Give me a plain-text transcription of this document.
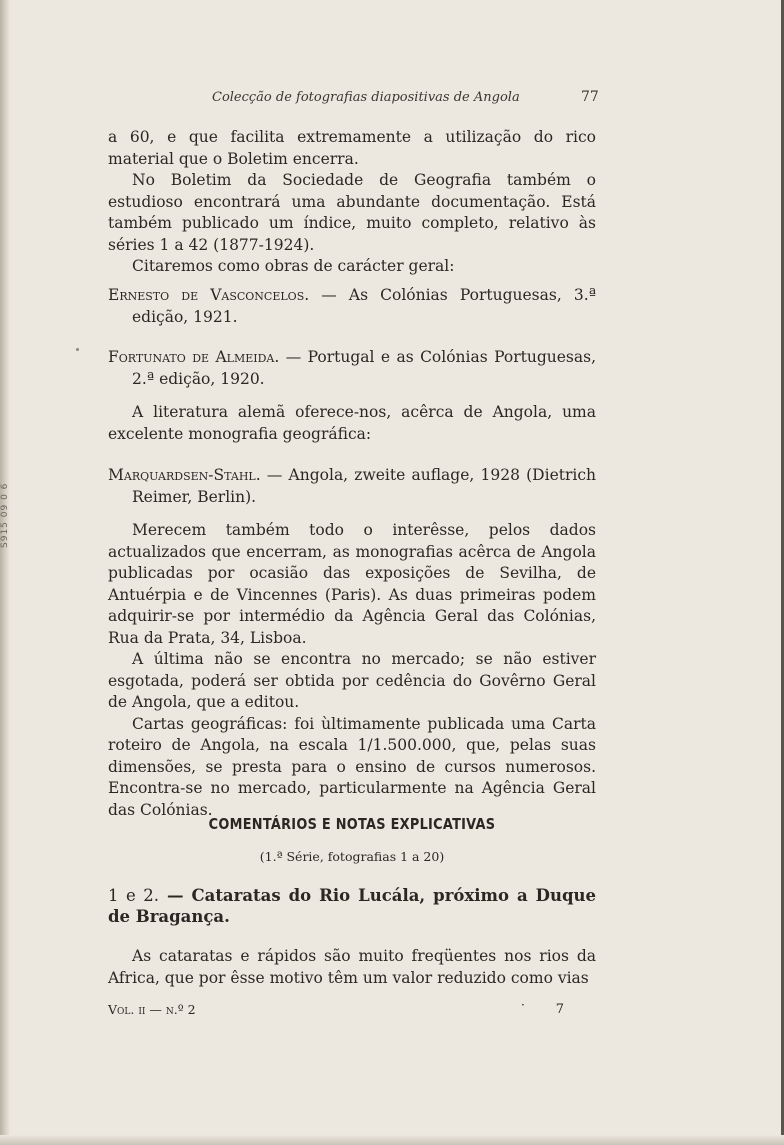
S915 09 0 6
Colecção de fotografias diapositivas de Angola	77

a 60, e que facilita extremamente a utilização do rico material que o Boletim encerra.

No Boletim da Sociedade de Geografia também o estudioso encontrará uma abundante documentação. Está também publicado um índice, muito completo, relativo às séries 1 a 42 (1877-1924).

Citaremos como obras de carácter geral:

Ernesto de Vasconcelos. — As Colónias Portuguesas, 3.ª edição, 1921.

Fortunato de Almeida. — Portugal e as Colónias Portuguesas, 2.ª edição, 1920.

A literatura alemã oferece-nos, acêrca de Angola, uma excelente monografia geográfica:

Marquardsen-Stahl. — Angola, zweite auflage, 1928 (Dietrich Reimer, Berlin).

Merecem também todo o interêsse, pelos dados actualizados que encerram, as monografias acêrca de Angola publicadas por ocasião das exposições de Sevilha, de Antuérpia e de Vincennes (Paris). As duas primeiras podem adquirir-se por intermédio da Agência Geral das Colónias, Rua da Prata, 34, Lisboa.

A última não se encontra no mercado; se não estiver esgotada, poderá ser obtida por cedência do Govêrno Geral de Angola, que a editou.

Cartas geográficas: foi ùltimamente publicada uma Carta roteiro de Angola, na escala 1/1.500.000, que, pelas suas dimensões, se presta para o ensino de cursos numerosos. Encontra-se no mercado, particularmente na Agência Geral das Colónias.

COMENTÁRIOS E NOTAS EXPLICATIVAS
(1.ª Série, fotografias 1 a 20)
1 e 2. — Cataratas do Rio Lucála, próximo a Duque de Bragança.

As cataratas e rápidos são muito freqüentes nos rios da Africa, que por êsse motivo têm um valor reduzido como vias

Vol. ii — n.º 2	· 7
